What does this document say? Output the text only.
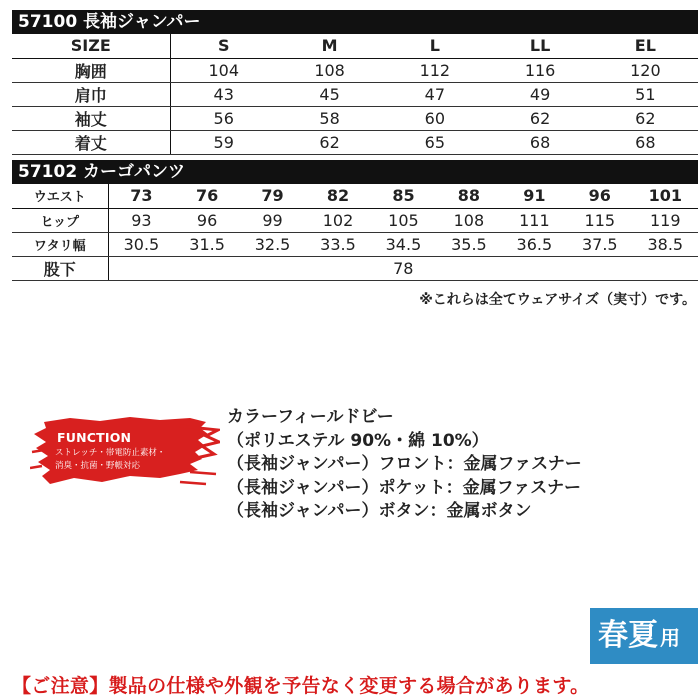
57100 長袖ジャンパー
SIZE	S	M	L	LL	EL
胸囲	104	108	112	116	120
肩巾	43	45	47	49	51
袖丈	56	58	60	62	62
着丈	59	62	65	68	68
57102 カーゴパンツ
ウエスト	73	76	79	82	85	88	91	96	101
ヒップ	93	96	99	102	105	108	111	115	119
ワタリ幅	30.5	31.5	32.5	33.5	34.5	35.5	36.5	37.5	38.5
股下	78								
※これらは全てウェアサイズ（実寸）です。
FUNCTION
ストレッチ・帯電防止素材・
消臭・抗菌・野帳対応
カラーフィールドビー
（ポリエステル 90%・綿 10%）
（長袖ジャンパー）フロント：金属ファスナー
（長袖ジャンパー）ポケット：金属ファスナー
（長袖ジャンパー）ボタン：金属ボタン
春夏 用
【ご注意】製品の仕様や外観を予告なく変更する場合があります。
